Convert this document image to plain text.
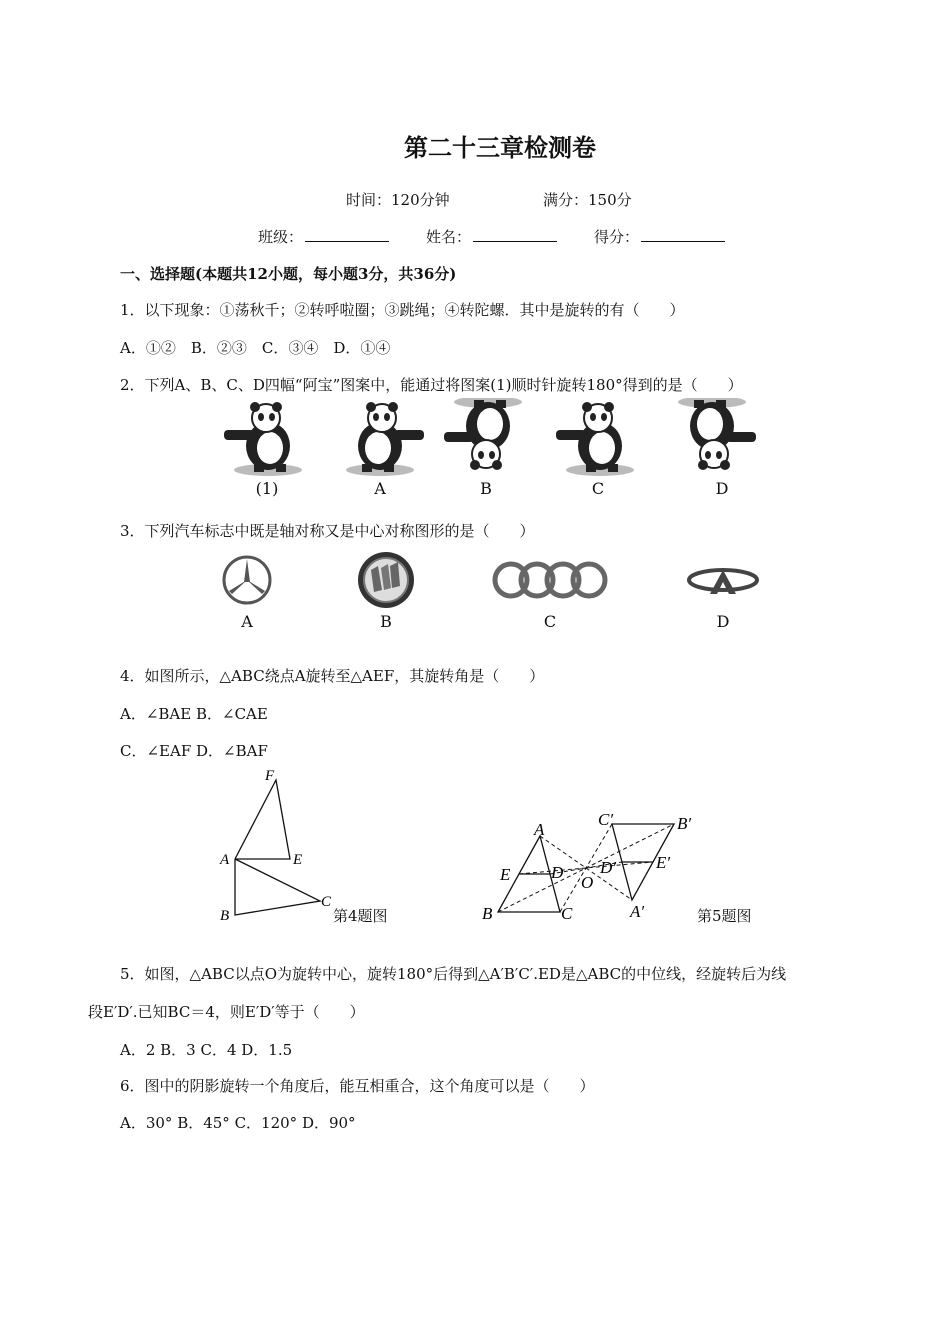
第二十三章检测卷
时间：120分钟	满分：150分
班级：	姓名：	得分：
一、选择题(本题共12小题，每小题3分，共36分)
1．以下现象：①荡秋千；②转呼啦圈；③跳绳；④转陀螺．其中是旋转的有（　　）
A．①②　B．②③　C．③④　D．①④
2．下列A、B、C、D四幅“阿宝”图案中，能通过将图案(1)顺时针旋转180°得到的是（　　）
(1)	A	B	C	D
3．下列汽车标志中既是轴对称又是中心对称图形的是（　　）
A	B	C	D
4．如图所示，△ABC绕点A旋转至△AEF，其旋转角是（　　）
A．∠BAE B．∠CAE
C．∠EAF D．∠BAF
F
A	E
B
C
第4题图
A
C′	B′
E D
O
D′ E′
B	C	A′	第5题图
5．如图，△ABC以点O为旋转中心，旋转180°后得到△A′B′C′.ED是△ABC的中位线，经旋转后为线
段E′D′.已知BC＝4，则E′D′等于（　　）
A．2 B．3 C．4 D．1.5
6．图中的阴影旋转一个角度后，能互相重合，这个角度可以是（　　）
A．30° B．45° C．120° D．90°
